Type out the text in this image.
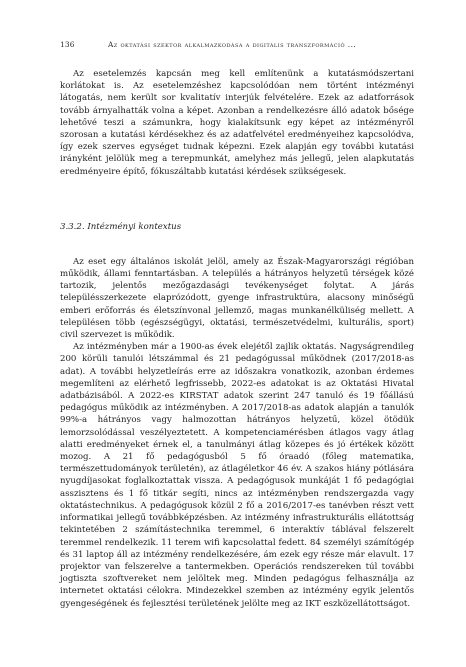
136	Az oktatási szektor alkalmazkodása a digitális transzformáció ...

Az esetelemzés kapcsán meg kell említenünk a kutatásmódszertani korlátokat is. Az esetelemzéshez kapcsolódóan nem történt intézményi látogatás, nem került sor kvalitatív interjúk felvételére. Ezek az adatforrások tovább árnyalhatták volna a képet. Azonban a rendelkezésre álló adatok bősége lehetővé teszi a számunkra, hogy kialakítsunk egy képet az intézményről szorosan a kutatási kérdésekhez és az adatfelvétel eredményeihez kapcsolódva, így ezek szerves egységet tudnak képezni. Ezek alapján egy további kutatási irányként jelölük meg a terepmunkát, amelyhez más jellegű, jelen alapkutatás eredményeire építő, fókuszáltabb kutatási kérdések szükségesek.

3.3.2. Intézményi kontextus

Az eset egy általános iskolát jelöl, amely az Észak-Magyarországi régióban működik, állami fenntartásban. A település a hátrányos helyzetű térségek közé tartozik, jelentős mezőgazdasági tevékenységet folytat. A járás településszerkezete elaprózódott, gyenge infrastruktúra, alacsony minőségű emberi erőforrás és életszínvonal jellemző, magas munkanélküliség mellett. A településen több (egészségügyi, oktatási, természetvédelmi, kulturális, sport) civil szervezet is működik.

Az intézményben már a 1900-as évek elejétől zajlik oktatás. Nagyságrendileg 200 körüli tanulói létszámmal és 21 pedagógussal működnek (2017/2018-as adat). A további helyzetleírás erre az időszakra vonatkozik, azonban érdemes megemlíteni az elérhető legfrissebb, 2022-es adatokat is az Oktatási Hivatal adatbázisából. A 2022-es KIRSTAT adatok szerint 247 tanuló és 19 főállású pedagógus működik az intézményben. A 2017/2018-as adatok alapján a tanulók 99%-a hátrányos vagy halmozottan hátrányos helyzetű, közel ötödük lemorzsolódással veszélyeztetett. A kompetenciamérésben átlagos vagy átlag alatti eredményeket érnek el, a tanulmányi átlag közepes és jó értékek között mozog. A 21 fő pedagógusból 5 fő óraadó (főleg matematika, természettudományok területén), az átlagéletkor 46 év. A szakos hiány pótlására nyugdíjasokat foglalkoztattak vissza. A pedagógusok munkáját 1 fő pedagógiai asszisztens és 1 fő titkár segíti, nincs az intézményben rendszergazda vagy oktatástechnikus. A pedagógusok közül 2 fő a 2016/2017-es tanévben részt vett informatikai jellegű továbbképzésben. Az intézmény infrastrukturális ellátottság tekintetében 2 számítástechnika teremmel, 6 interaktív táblával felszerelt teremmel rendelkezik. 11 terem wifi kapcsolattal fedett. 84 személyi számítógép és 31 laptop áll az intézmény rendelkezésére, ám ezek egy része már elavult. 17 projektor van felszerelve a tantermekben. Operációs rendszereken túl további jogtiszta szoftvereket nem jelöltek meg. Minden pedagógus felhasználja az internetet oktatási célokra. Mindezekkel szemben az intézmény egyik jelentős gyengeségének és fejlesztési területének jelölte meg az IKT eszközellátottságot.
